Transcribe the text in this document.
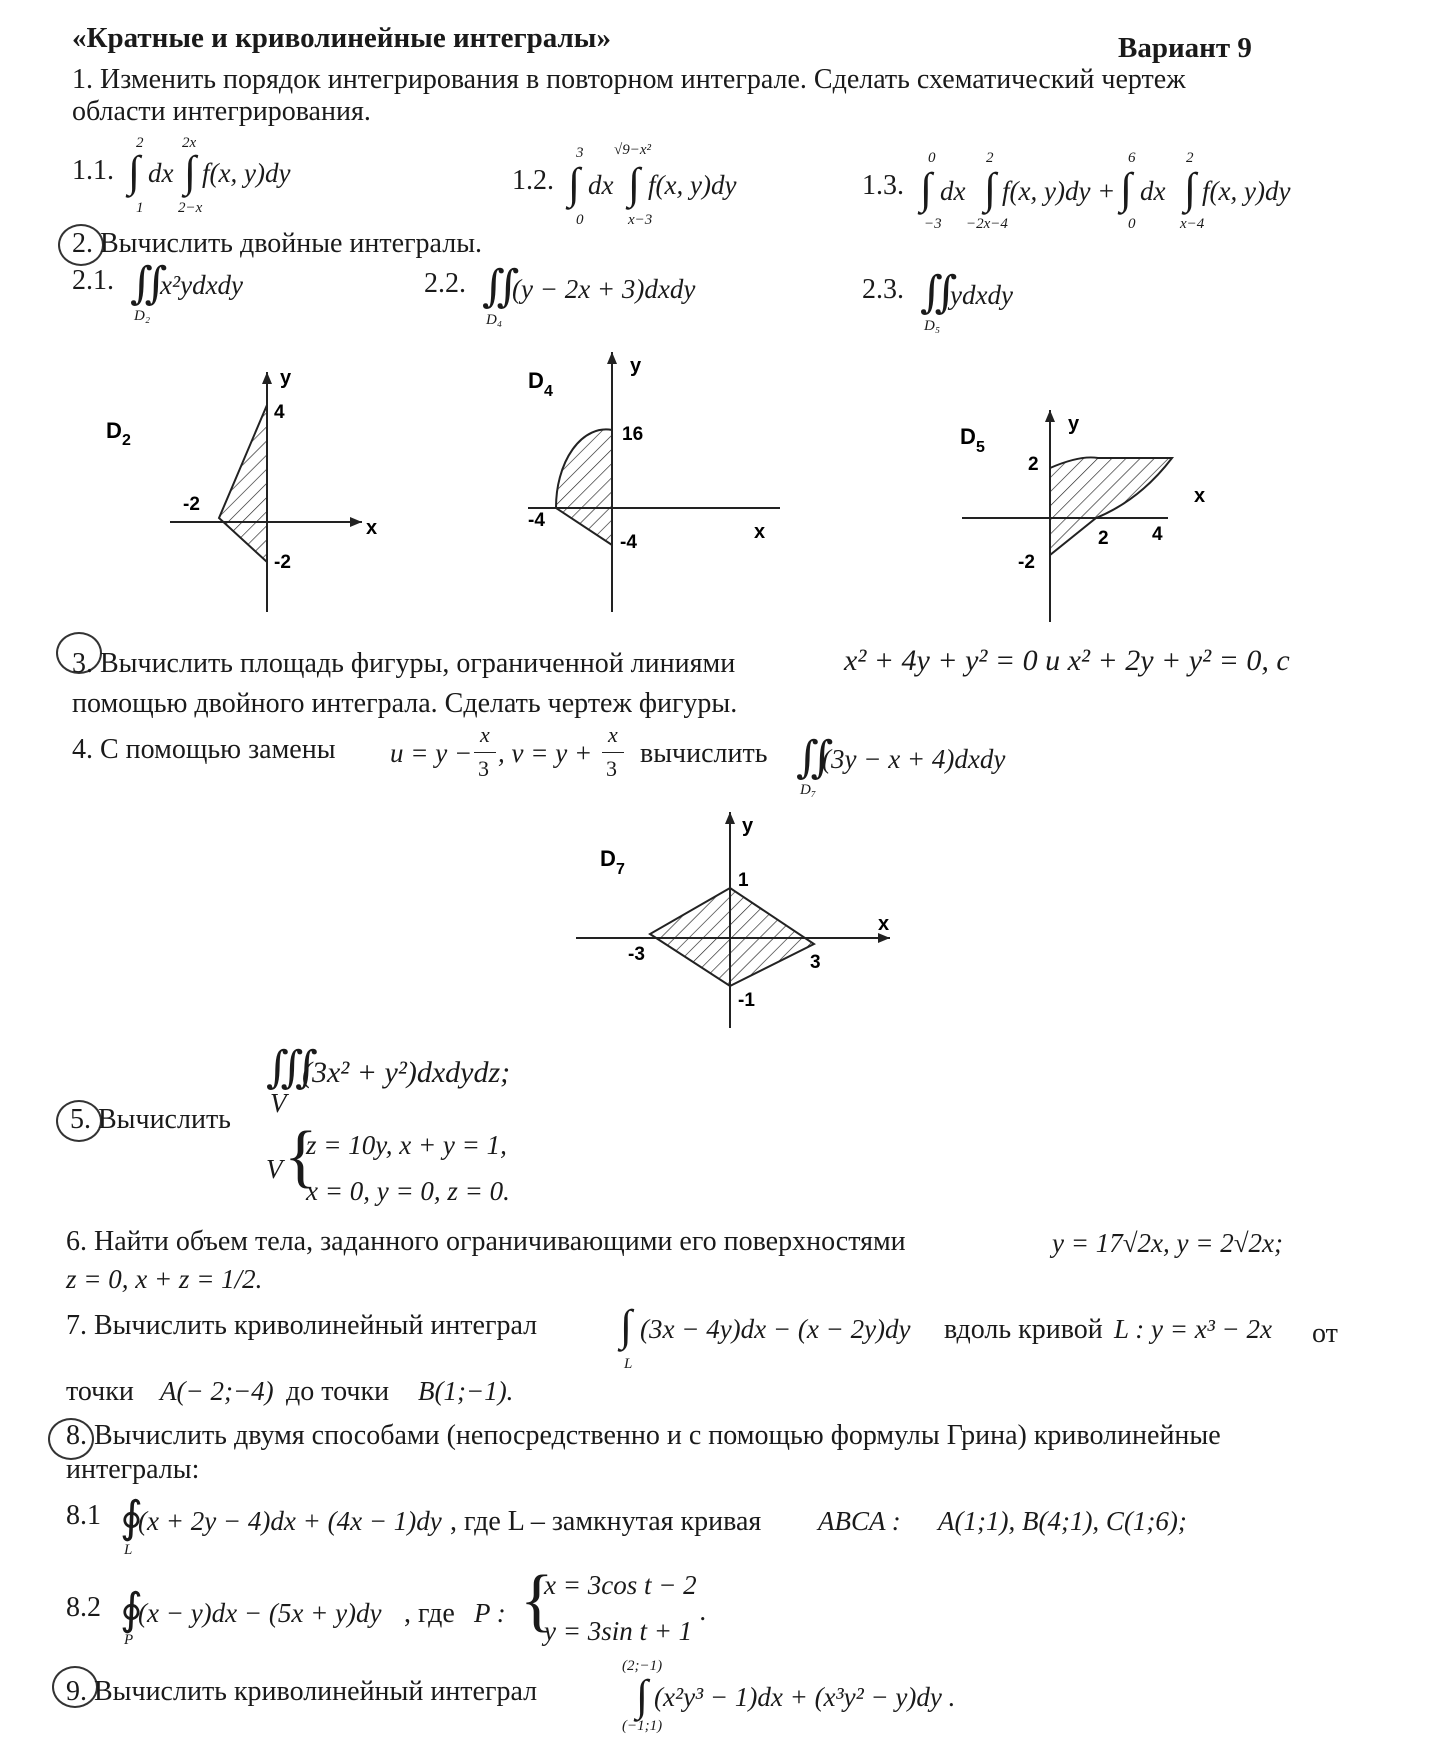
«Кратные и криволинейные интегралы»	Вариант 9
1. Изменить порядок интегрирования в повторном интеграле. Сделать схематический чертеж
области интегрирования.
1.1.
2
∫
1
dx
2x
∫
2−x
f(x, y)dy	1.2.
3
∫
0
dx
√9−x²
∫
x−3
f(x, y)dy	1.3.
0
∫
−3
dx
2
∫
−2x−4
f(x, y)dy +
6
∫
0
dx
2
∫
x−4
f(x, y)dy
2. Вычислить двойные интегралы.
2.1. ∬
x²ydxdy
D₂
2.2. ∬
(y − 2x + 3)dxdy
D₄
2.3. ∬
ydxdy
D₅
D 2
y
x
4
-2
-2
D 4
y
x
16
-4
-4
D 5
y
x
2
2 4
-2
D 7
y
x
1
-3	3
-1
3. Вычислить площадь фигуры, ограниченной линиями	x² + 4y + y² = 0 и x² + 2y + y² = 0, с
помощью двойного интеграла. Сделать чертеж фигуры.
4. С помощью замены u = y −
x
3
, v = y +
x
3 вычислить ∬
(3y − x + 4)dxdy
D₇
5. Вычислить
∭
V
(3x² + y²)dxdydz;
V {
z = 10y, x + y = 1,
x = 0, y = 0, z = 0.
6. Найти объем тела, заданного ограничивающими его поверхностями	y = 17√2x, y = 2√2x;
z = 0, x + z = 1/2.
7. Вычислить криволинейный интеграл ∫
L
(3x − 4y)dx − (x − 2y)dy вдоль кривой L : y = x³ − 2x от
точки A(− 2;−4) до точки B(1;−1).
8. Вычислить двумя способами (непосредственно и с помощью формулы Грина) криволинейные
интегралы:
8.1 ∮
L
(x + 2y − 4)dx + (4x − 1)dy , где L – замкнутая кривая ABCA : A(1;1), B(4;1), C(1;6);
8.2 ∮
P
(x − y)dx − (5x + y)dy , где P : {
x = 3cos t − 2
y = 3sin t + 1
.
9. Вычислить криволинейный интеграл
(2;−1)
∫
(−1;1)
(x²y³ − 1)dx + (x³y² − y)dy .
